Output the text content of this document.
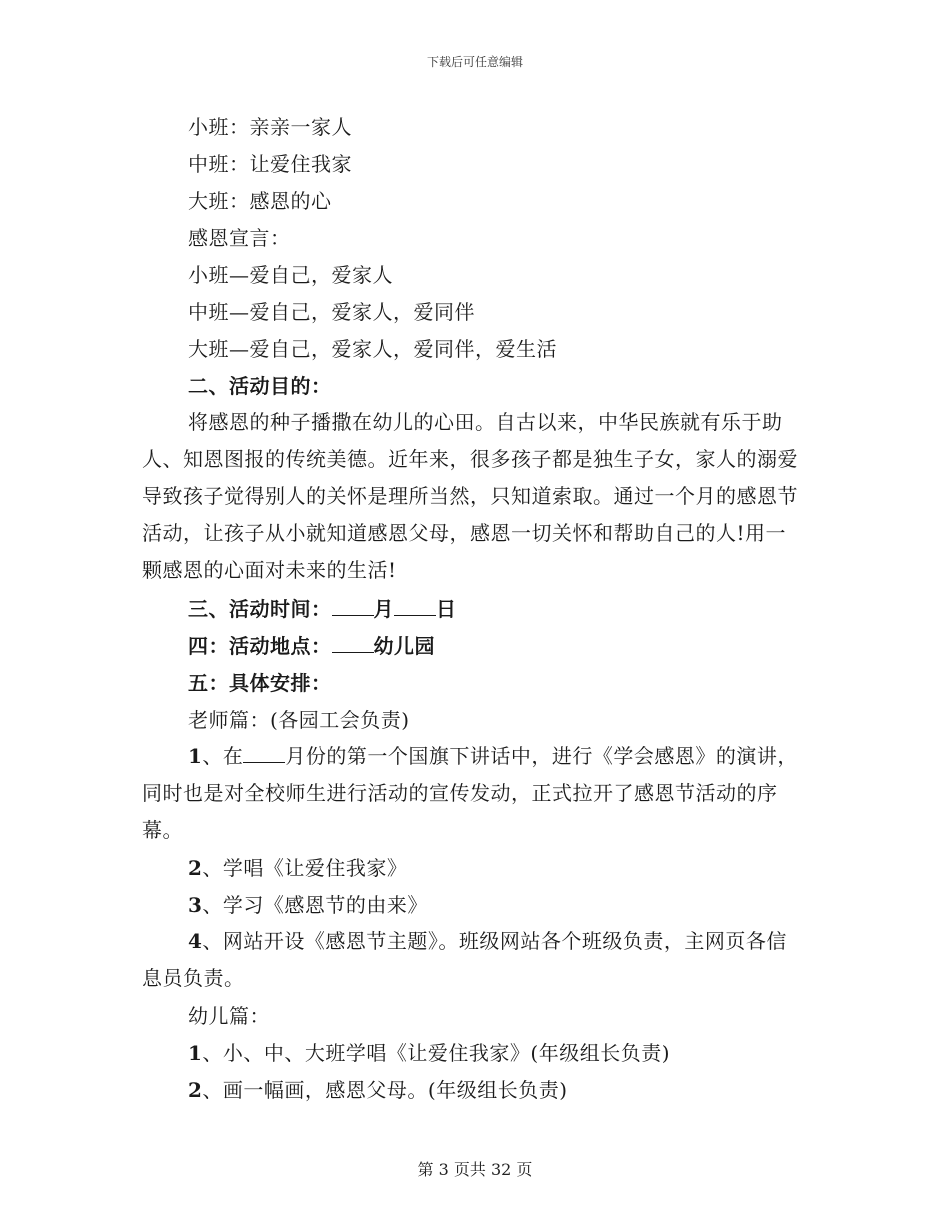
下载后可任意编辑
小班：亲亲一家人
中班：让爱住我家
大班：感恩的心
感恩宣言：
小班—爱自己，爱家人
中班—爱自己，爱家人，爱同伴
大班—爱自己，爱家人，爱同伴，爱生活
二、活动目的：
将感恩的种子播撒在幼儿的心田。自古以来，中华民族就有乐于助人、知恩图报的传统美德。近年来，很多孩子都是独生子女，家人的溺爱导致孩子觉得别人的关怀是理所当然，只知道索取。通过一个月的感恩节活动，让孩子从小就知道感恩父母，感恩一切关怀和帮助自己的人!用一颗感恩的心面对未来的生活!
三、活动时间： 月 日
四：活动地点： 幼儿园
五：具体安排：
老师篇：(各园工会负责)
1、在 月份的第一个国旗下讲话中，进行《学会感恩》的演讲，同时也是对全校师生进行活动的宣传发动，正式拉开了感恩节活动的序幕。
2、学唱《让爱住我家》
3、学习《感恩节的由来》
4、网站开设《感恩节主题》。班级网站各个班级负责，主网页各信息员负责。
幼儿篇：
1、小、中、大班学唱《让爱住我家》(年级组长负责)
2、画一幅画，感恩父母。(年级组长负责)
第 3 页共 32 页
